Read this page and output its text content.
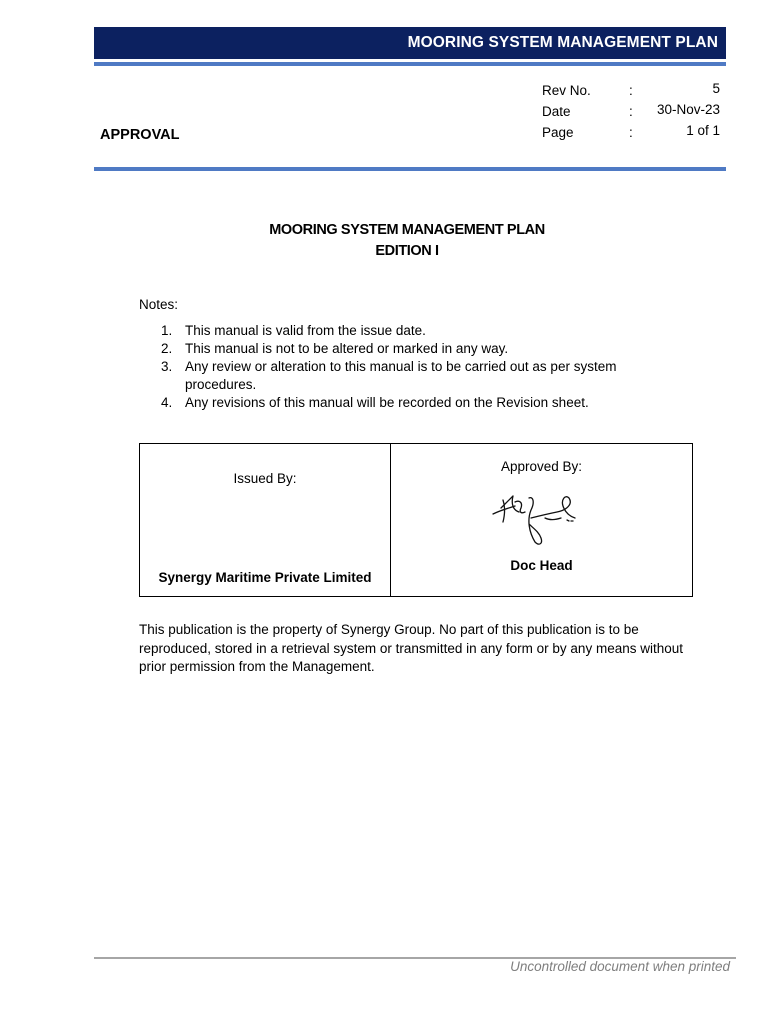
MOORING SYSTEM MANAGEMENT PLAN
APPROVAL
Rev No.	:	5
Date	: 30-Nov-23
Page	:	1 of 1
MOORING SYSTEM MANAGEMENT PLAN
EDITION I
Notes:
1. This manual is valid from the issue date.
2. This manual is not to be altered or marked in any way.
3. Any review or alteration to this manual is to be carried out as per system procedures.
4. Any revisions of this manual will be recorded on the Revision sheet.
Issued By:
Synergy Maritime Private Limited
Approved By:
Doc Head
This publication is the property of Synergy Group. No part of this publication is to be reproduced, stored in a retrieval system or transmitted in any form or by any means without prior permission from the Management.
Uncontrolled document when printed
